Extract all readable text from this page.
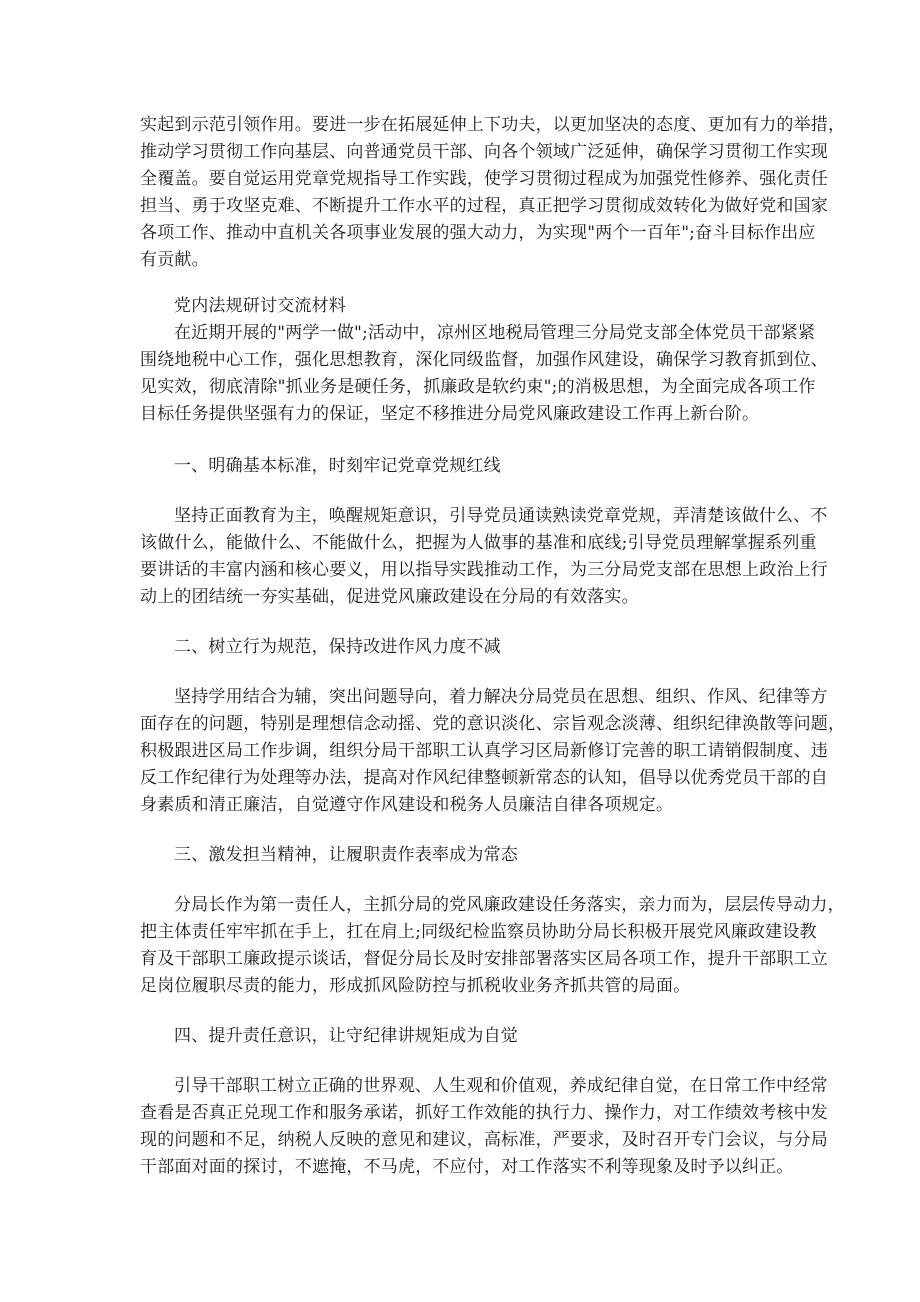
实起到示范引领作用。要进一步在拓展延伸上下功夫，以更加坚决的态度、更加有力的举措，
推动学习贯彻工作向基层、向普通党员干部、向各个领域广泛延伸，确保学习贯彻工作实现
全覆盖。要自觉运用党章党规指导工作实践，使学习贯彻过程成为加强党性修养、强化责任
担当、勇于攻坚克难、不断提升工作水平的过程，真正把学习贯彻成效转化为做好党和国家
各项工作、推动中直机关各项事业发展的强大动力，为实现"两个一百年";奋斗目标作出应
有贡献。
党内法规研讨交流材料
在近期开展的"两学一做";活动中，凉州区地税局管理三分局党支部全体党员干部紧紧
围绕地税中心工作，强化思想教育，深化同级监督，加强作风建设，确保学习教育抓到位、
见实效，彻底清除"抓业务是硬任务，抓廉政是软约束";的消极思想，为全面完成各项工作
目标任务提供坚强有力的保证，坚定不移推进分局党风廉政建设工作再上新台阶。
一、明确基本标准，时刻牢记党章党规红线
坚持正面教育为主，唤醒规矩意识，引导党员通读熟读党章党规，弄清楚该做什么、不
该做什么，能做什么、不能做什么，把握为人做事的基准和底线;引导党员理解掌握系列重
要讲话的丰富内涵和核心要义，用以指导实践推动工作，为三分局党支部在思想上政治上行
动上的团结统一夯实基础，促进党风廉政建设在分局的有效落实。
二、树立行为规范，保持改进作风力度不减
坚持学用结合为辅，突出问题导向，着力解决分局党员在思想、组织、作风、纪律等方
面存在的问题，特别是理想信念动摇、党的意识淡化、宗旨观念淡薄、组织纪律涣散等问题，
积极跟进区局工作步调，组织分局干部职工认真学习区局新修订完善的职工请销假制度、违
反工作纪律行为处理等办法，提高对作风纪律整顿新常态的认知，倡导以优秀党员干部的自
身素质和清正廉洁，自觉遵守作风建设和税务人员廉洁自律各项规定。
三、激发担当精神，让履职责作表率成为常态
分局长作为第一责任人，主抓分局的党风廉政建设任务落实，亲力而为，层层传导动力，
把主体责任牢牢抓在手上，扛在肩上;同级纪检监察员协助分局长积极开展党风廉政建设教
育及干部职工廉政提示谈话，督促分局长及时安排部署落实区局各项工作，提升干部职工立
足岗位履职尽责的能力，形成抓风险防控与抓税收业务齐抓共管的局面。
四、提升责任意识，让守纪律讲规矩成为自觉
引导干部职工树立正确的世界观、人生观和价值观，养成纪律自觉，在日常工作中经常
查看是否真正兑现工作和服务承诺，抓好工作效能的执行力、操作力，对工作绩效考核中发
现的问题和不足，纳税人反映的意见和建议，高标准，严要求，及时召开专门会议，与分局
干部面对面的探讨，不遮掩，不马虎，不应付，对工作落实不利等现象及时予以纠正。
